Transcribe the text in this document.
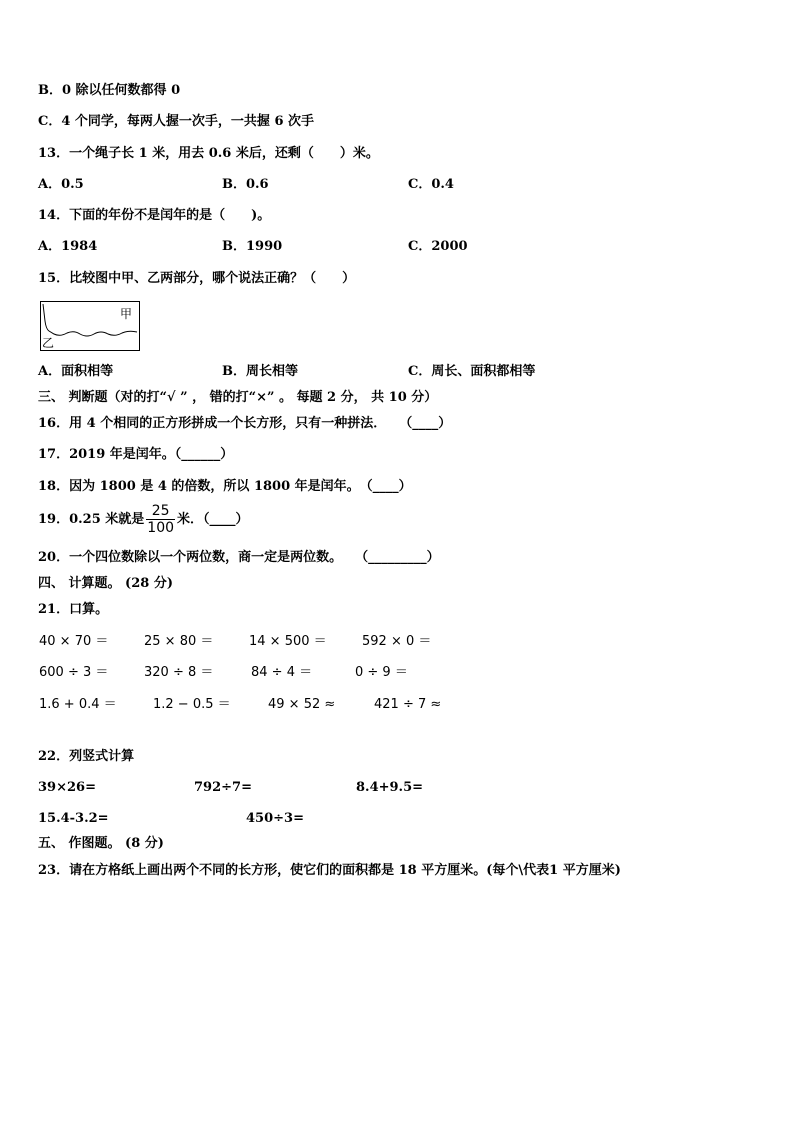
B．0 除以任何数都得 0
C．4 个同学，每两人握一次手，一共握 6 次手
13．一个绳子长 1 米，用去 0.6 米后，还剩（　　）米。
A．0.5	B．0.6	C．0.4
14．下面的年份不是闰年的是（　　)。
A．1984	B．1990	C．2000
15．比较图中甲、乙两部分，哪个说法正确？（　　）
甲
乙
A．面积相等	B．周长相等	C．周长、面积都相等
三、 判断题（对的打“√ ” ， 错的打“×” 。 每题 2 分， 共 10 分）
16．用 4 个相同的正方形拼成一个长方形，只有一种拼法．　　（____）
17．2019 年是闰年。（______）
18．因为 1800 是 4 的倍数，所以 1800 年是闰年。　（____）
19．0.25 米就是 $\frac{25}{100}$ 米．（____）
20．一个四位数除以一个两位数，商一定是两位数。　　（_________）
四、 计算题。 (28 分)
21．口算。
40 × 70 ＝	25 × 80 ＝	14 × 500 ＝	592 × 0 ＝
600 ÷ 3 ＝	320 ÷ 8 ＝	84 ÷ 4 ＝	0 ÷ 9 ＝
1.6 + 0.4 ＝	1.2 − 0.5 ＝	49 × 52 ≈	421 ÷ 7 ≈
22．列竖式计算
39×26=	792÷7=	8.4+9.5=
15.4-3.2=	450÷3=
五、 作图题。 (8 分)
23．请在方格纸上画出两个不同的长方形，使它们的面积都是 18 平方厘米。(每个\代表1 平方厘米)
